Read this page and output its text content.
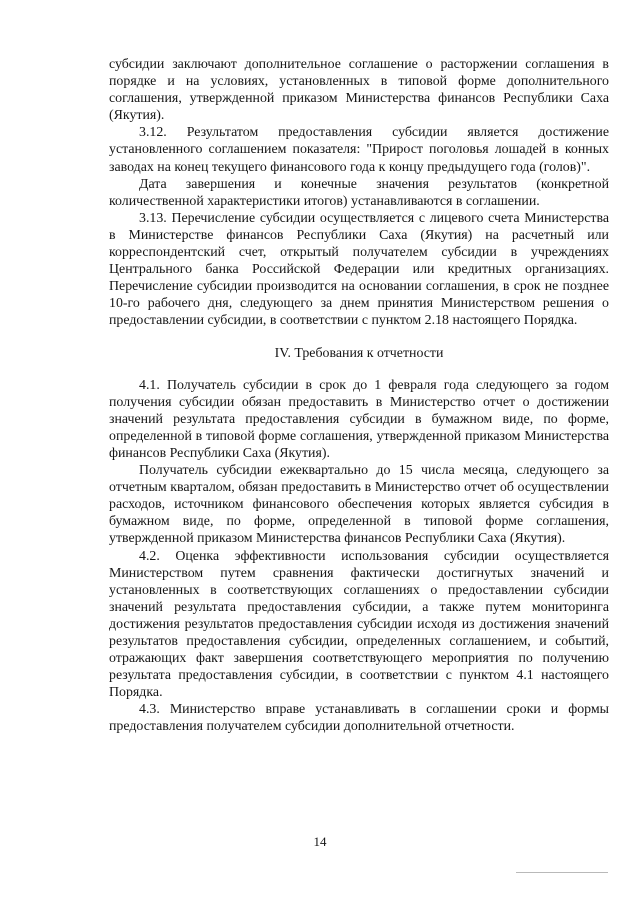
субсидии заключают дополнительное соглашение о расторжении соглашения в порядке и на условиях, установленных в типовой форме дополнительного соглашения, утвержденной приказом Министерства финансов Республики Саха (Якутия).

3.12. Результатом предоставления субсидии является достижение установленного соглашением показателя: "Прирост поголовья лошадей в конных заводах на конец текущего финансового года к концу предыдущего года (голов)".

Дата завершения и конечные значения результатов (конкретной количественной характеристики итогов) устанавливаются в соглашении.

3.13. Перечисление субсидии осуществляется с лицевого счета Министерства в Министерстве финансов Республики Саха (Якутия) на расчетный или корреспондентский счет, открытый получателем субсидии в учреждениях Центрального банка Российской Федерации или кредитных организациях. Перечисление субсидии производится на основании соглашения, в срок не позднее 10-го рабочего дня, следующего за днем принятия Министерством решения о предоставлении субсидии, в соответствии с пунктом 2.18 настоящего Порядка.

IV. Требования к отчетности

4.1. Получатель субсидии в срок до 1 февраля года следующего за годом получения субсидии обязан предоставить в Министерство отчет о достижении значений результата предоставления субсидии в бумажном виде, по форме, определенной в типовой форме соглашения, утвержденной приказом Министерства финансов Республики Саха (Якутия).

Получатель субсидии ежеквартально до 15 числа месяца, следующего за отчетным кварталом, обязан предоставить в Министерство отчет об осуществлении расходов, источником финансового обеспечения которых является субсидия в бумажном виде, по форме, определенной в типовой форме соглашения, утвержденной приказом Министерства финансов Республики Саха (Якутия).

4.2. Оценка эффективности использования субсидии осуществляется Министерством путем сравнения фактически достигнутых значений и установленных в соответствующих соглашениях о предоставлении субсидии значений результата предоставления субсидии, а также путем мониторинга достижения результатов предоставления субсидии исходя из достижения значений результатов предоставления субсидии, определенных соглашением, и событий, отражающих факт завершения соответствующего мероприятия по получению результата предоставления субсидии, в соответствии с пунктом 4.1 настоящего Порядка.

4.3. Министерство вправе устанавливать в соглашении сроки и формы предоставления получателем субсидии дополнительной отчетности.

14
